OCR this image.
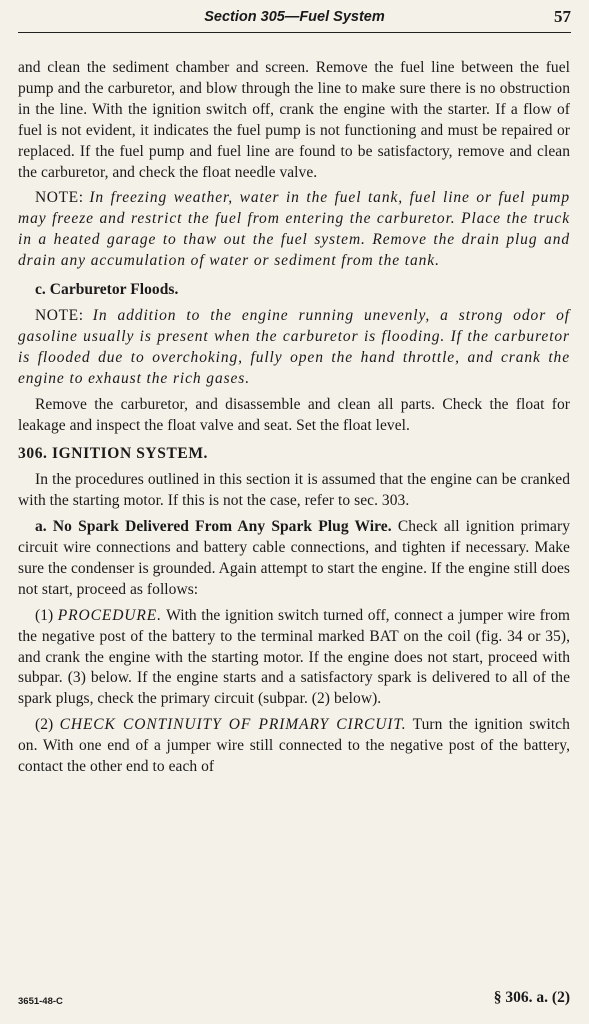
Section 305—Fuel System	57

and clean the sediment chamber and screen. Remove the fuel line between the fuel pump and the carburetor, and blow through the line to make sure there is no obstruction in the line. With the ignition switch off, crank the engine with the starter. If a flow of fuel is not evident, it indicates the fuel pump is not functioning and must be repaired or replaced. If the fuel pump and fuel line are found to be satisfactory, remove and clean the carburetor, and check the float needle valve.

NOTE: In freezing weather, water in the fuel tank, fuel line or fuel pump may freeze and restrict the fuel from entering the carburetor. Place the truck in a heated garage to thaw out the fuel system. Remove the drain plug and drain any accumulation of water or sediment from the tank.

c. Carburetor Floods.

NOTE: In addition to the engine running unevenly, a strong odor of gasoline usually is present when the carburetor is flooding. If the carburetor is flooded due to overchoking, fully open the hand throttle, and crank the engine to exhaust the rich gases.

Remove the carburetor, and disassemble and clean all parts. Check the float for leakage and inspect the float valve and seat. Set the float level.

306. IGNITION SYSTEM.

In the procedures outlined in this section it is assumed that the engine can be cranked with the starting motor. If this is not the case, refer to sec. 303.

a. No Spark Delivered From Any Spark Plug Wire. Check all ignition primary circuit wire connections and battery cable connections, and tighten if necessary. Make sure the condenser is grounded. Again attempt to start the engine. If the engine still does not start, proceed as follows:

(1) PROCEDURE. With the ignition switch turned off, connect a jumper wire from the negative post of the battery to the terminal marked BAT on the coil (fig. 34 or 35), and crank the engine with the starting motor. If the engine does not start, proceed with subpar. (3) below. If the engine starts and a satisfactory spark is delivered to all of the spark plugs, check the primary circuit (subpar. (2) below).

(2) CHECK CONTINUITY OF PRIMARY CIRCUIT. Turn the ignition switch on. With one end of a jumper wire still connected to the negative post of the battery, contact the other end to each of

3651-48-C	§ 306. a. (2)
